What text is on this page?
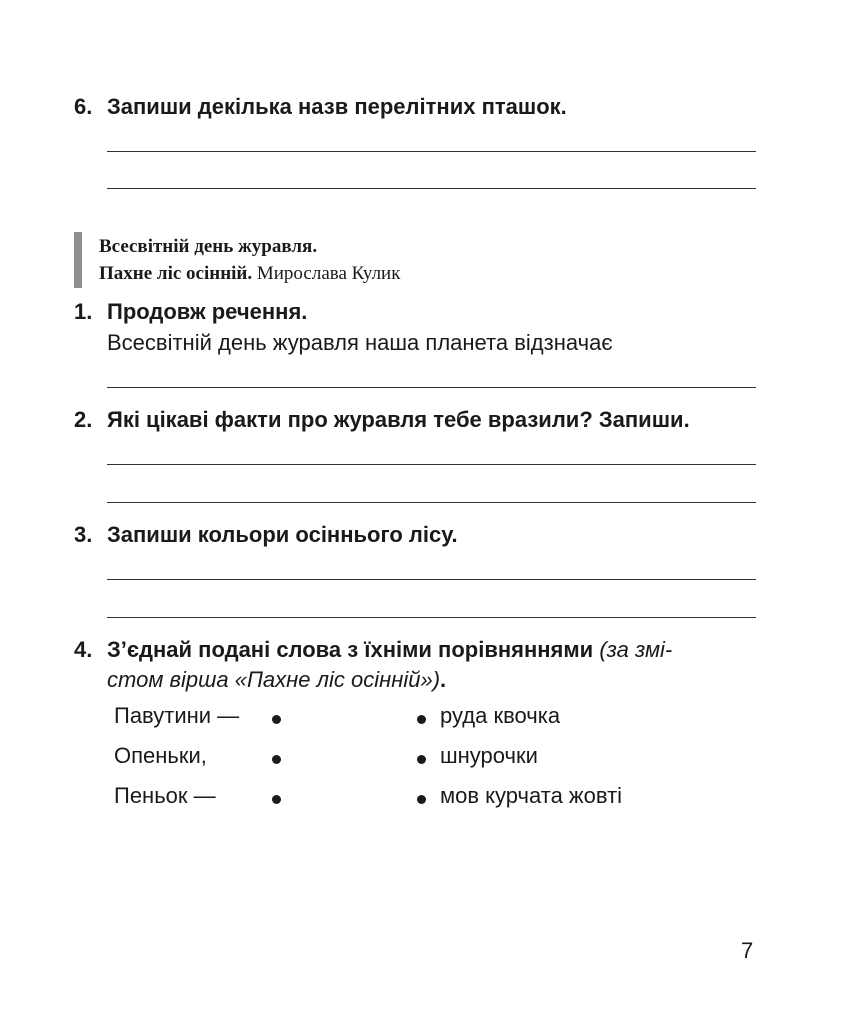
6. Запиши декілька назв перелітних пташок.
Всесвітній день журавля.
Пахне ліс осінній. Мирослава Кулик
1. Продовж речення.
Всесвітній день журавля наша планета відзначає
2. Які цікаві факти про журавля тебе вразили? Запиши.
3. Запиши кольори осіннього лісу.
4. З’єднай подані слова з їхніми порівняннями (за змі-
стом вірша «Пахне ліс осінній»).
Павутини —
Опеньки,
Пеньок —
руда квочка
шнурочки
мов курчата жовті
7
